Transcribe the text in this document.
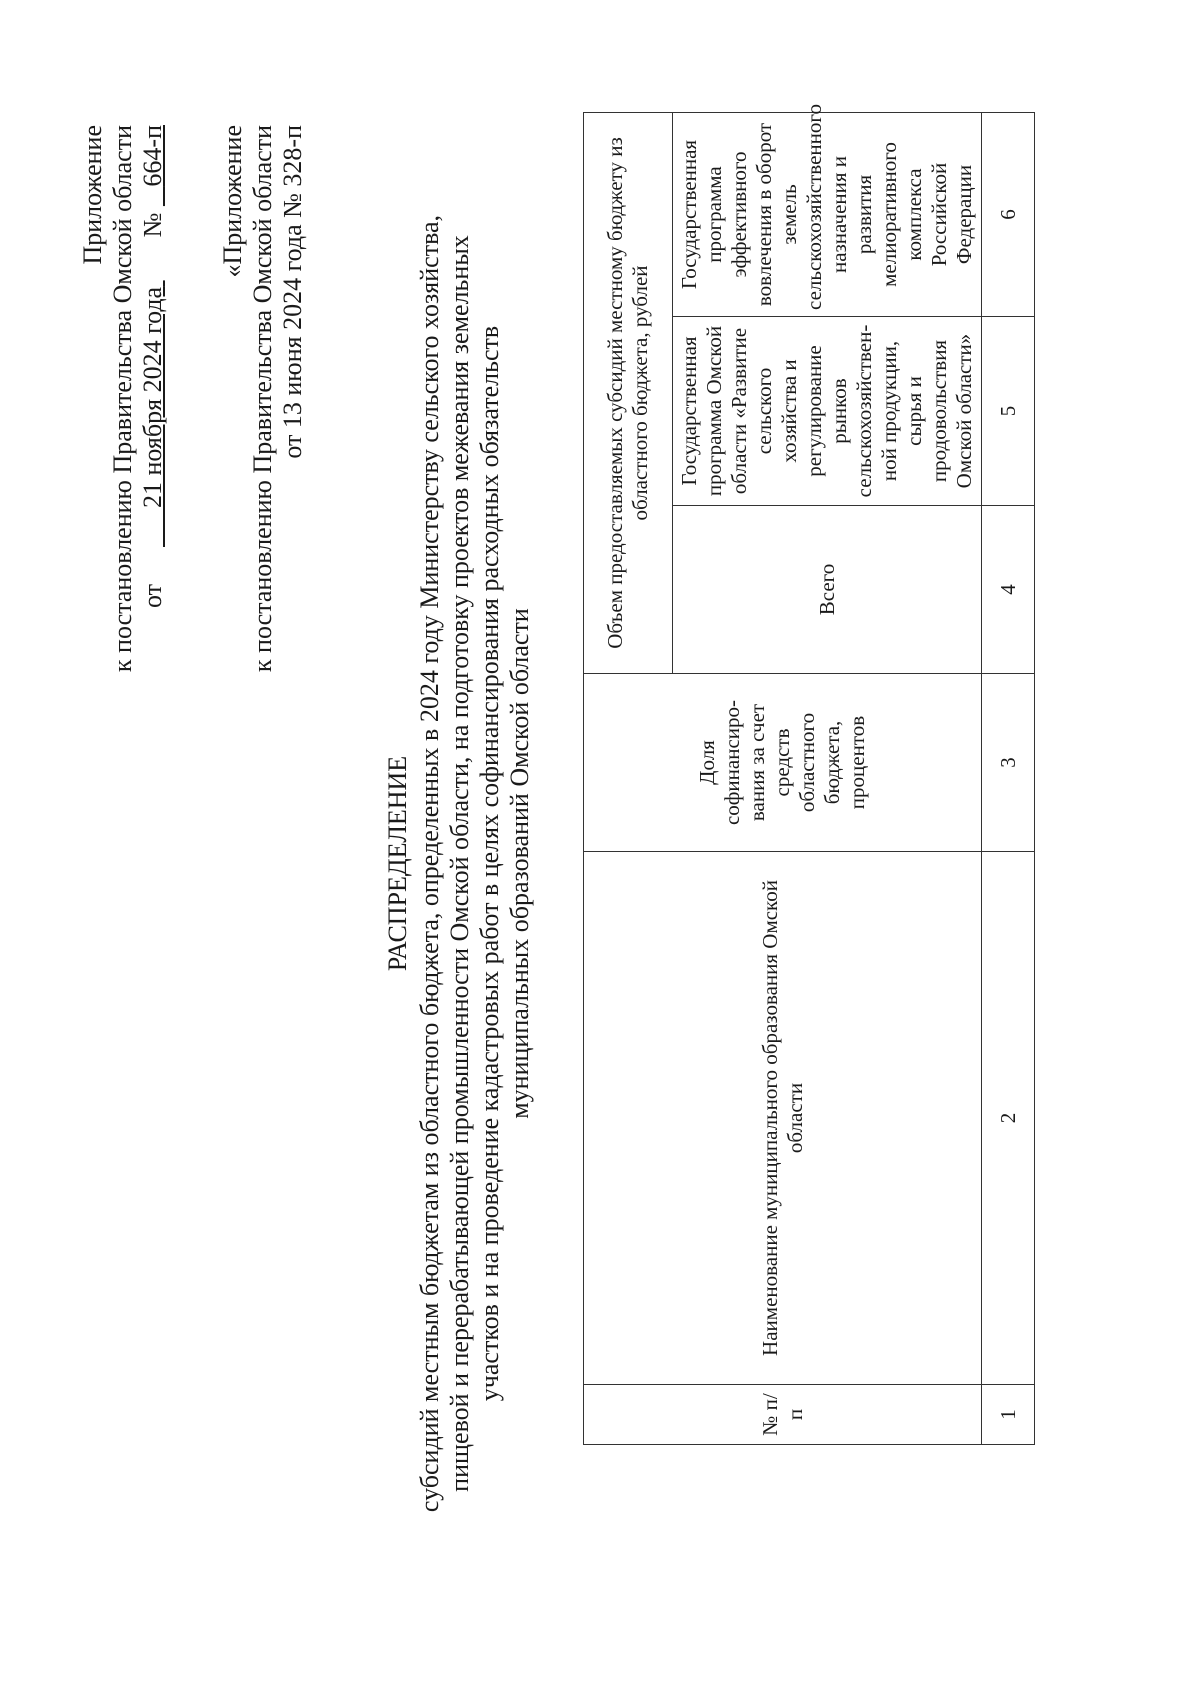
Приложение к постановлению Правительства Омской области от        21 ноября 2024 года   №    664-п «Приложение к постановлению Правительства Омской области от 13 июня 2024 года № 328-п
РАСПРЕДЕЛЕНИЕ субсидий местным бюджетам из областного бюджета, определенных в 2024 году Министерству сельского хозяйства, пищевой и перерабатывающей промышленности Омской области, на подготовку проектов межевания земельных участков и на проведение кадастровых работ в целях софинансирования расходных обязательств муниципальных образований Омской области
№ п/п	Наименование муниципального образования Омской области	Доля софинансиро-вания за счет средств областного бюджета, процентов	Объем предоставляемых субсидий местному бюджету из областного бюджета, рублей		
			Всего	Государственная программа Омской области «Развитие сельского хозяйства и регулирование рынков сельскохозяйствен-ной продукции, сырья и продовольствия Омской области»	Государственная программа эффективного вовлечения в оборот земель сельскохозяйственного назначения и развития мелиоративного комплекса Российской Федерации
1	2	3	4	5	6
